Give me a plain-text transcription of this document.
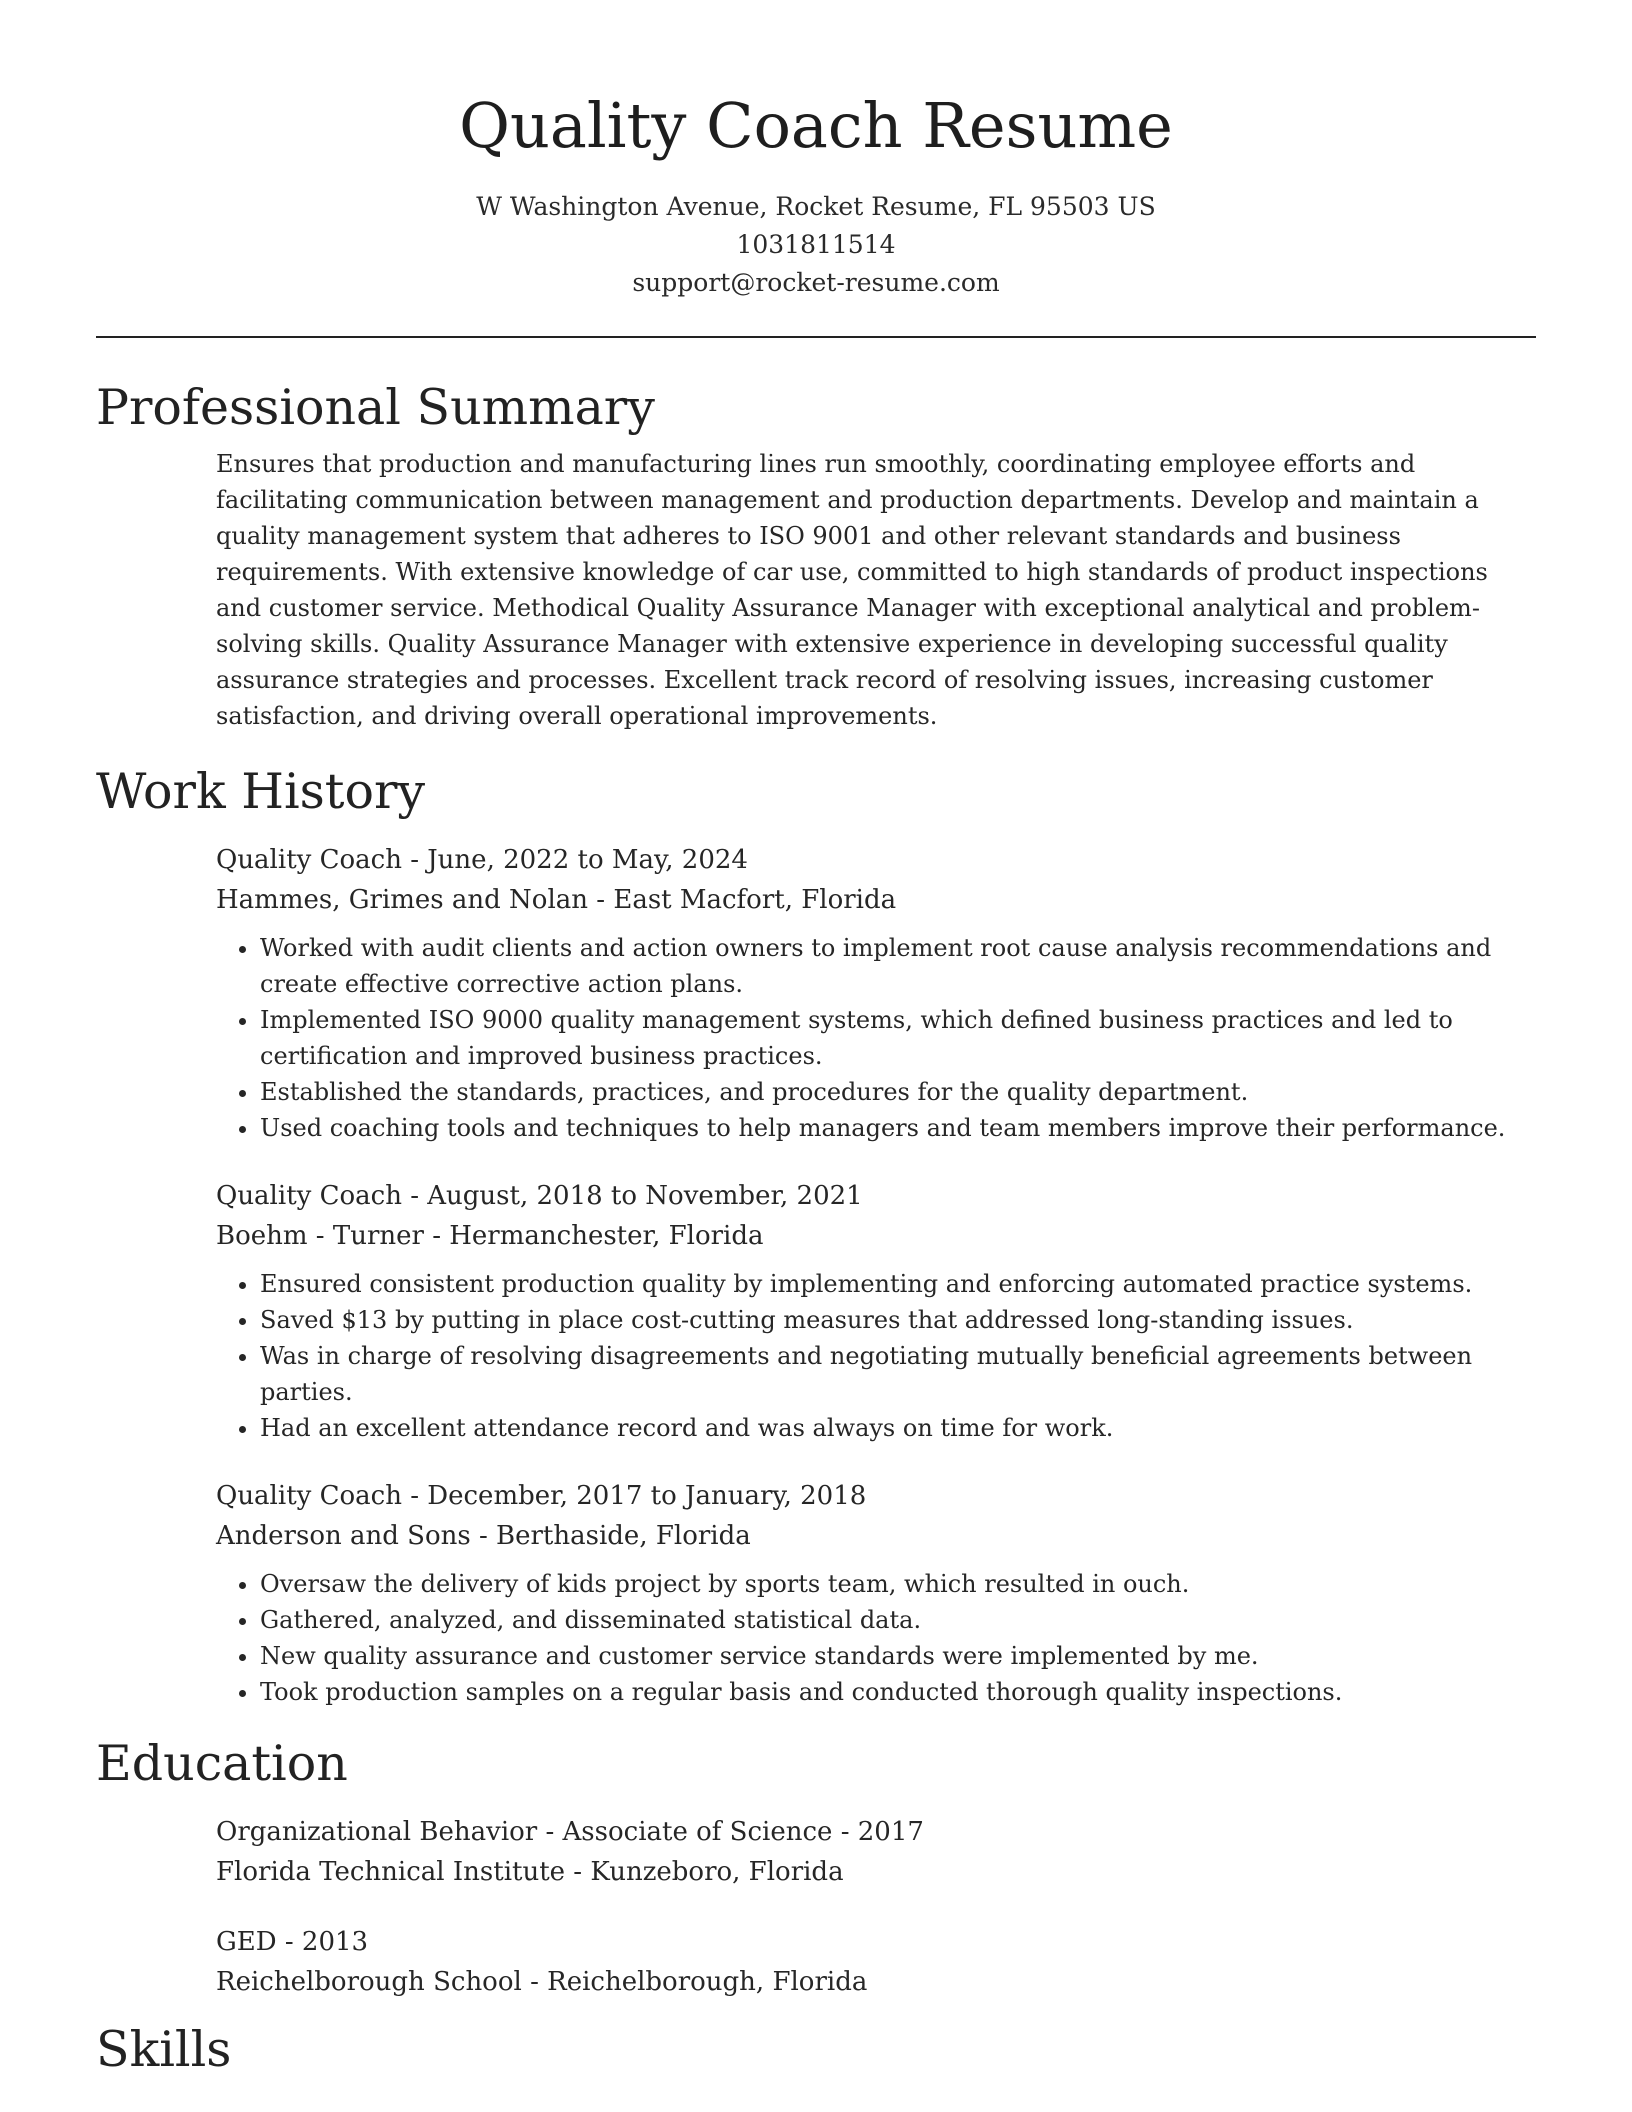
Quality Coach Resume
W Washington Avenue, Rocket Resume, FL 95503 US
1031811514
support@rocket-resume.com
Professional Summary

Ensures that production and manufacturing lines run smoothly, coordinating employee efforts and facilitating communication between management and production departments. Develop and maintain a quality management system that adheres to ISO 9001 and other relevant standards and business requirements. With extensive knowledge of car use, committed to high standards of product inspections and customer service. Methodical Quality Assurance Manager with exceptional analytical and problem-solving skills. Quality Assurance Manager with extensive experience in developing successful quality assurance strategies and processes. Excellent track record of resolving issues, increasing customer satisfaction, and driving overall operational improvements.

Work History
Quality Coach - June, 2022 to May, 2024
Hammes, Grimes and Nolan - East Macfort, Florida
• Worked with audit clients and action owners to implement root cause analysis recommendations and create effective corrective action plans.
• Implemented ISO 9000 quality management systems, which defined business practices and led to certification and improved business practices.
• Established the standards, practices, and procedures for the quality department.
• Used coaching tools and techniques to help managers and team members improve their performance.
Quality Coach - August, 2018 to November, 2021
Boehm - Turner - Hermanchester, Florida
• Ensured consistent production quality by implementing and enforcing automated practice systems.
• Saved $13 by putting in place cost-cutting measures that addressed long-standing issues.
• Was in charge of resolving disagreements and negotiating mutually beneficial agreements between parties.
• Had an excellent attendance record and was always on time for work.
Quality Coach - December, 2017 to January, 2018
Anderson and Sons - Berthaside, Florida
• Oversaw the delivery of kids project by sports team, which resulted in ouch.
• Gathered, analyzed, and disseminated statistical data.
• New quality assurance and customer service standards were implemented by me.
• Took production samples on a regular basis and conducted thorough quality inspections.
Education
Organizational Behavior - Associate of Science - 2017
Florida Technical Institute - Kunzeboro, Florida
GED - 2013
Reichelborough School - Reichelborough, Florida
Skills
